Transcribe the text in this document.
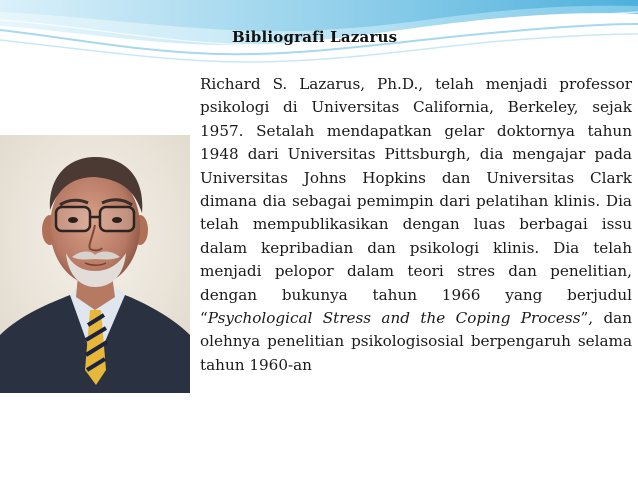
Bibliografi Lazarus
Richard S. Lazarus, Ph.D., telah menjadi professor psikologi di Universitas California, Berkeley, sejak 1957. Setalah mendapatkan gelar doktornya tahun 1948 dari Universitas Pittsburgh, dia mengajar pada Universitas Johns Hopkins dan Universitas Clark dimana dia sebagai pemimpin dari pelatihan klinis. Dia telah mempublikasikan dengan luas berbagai issu dalam kepribadian dan psikologi klinis. Dia telah menjadi pelopor dalam teori stres dan penelitian, dengan bukunya tahun 1966 yang berjudul “Psychological Stress and the Coping Process”, dan olehnya penelitian psikologisosial berpengaruh selama tahun 1960-an
